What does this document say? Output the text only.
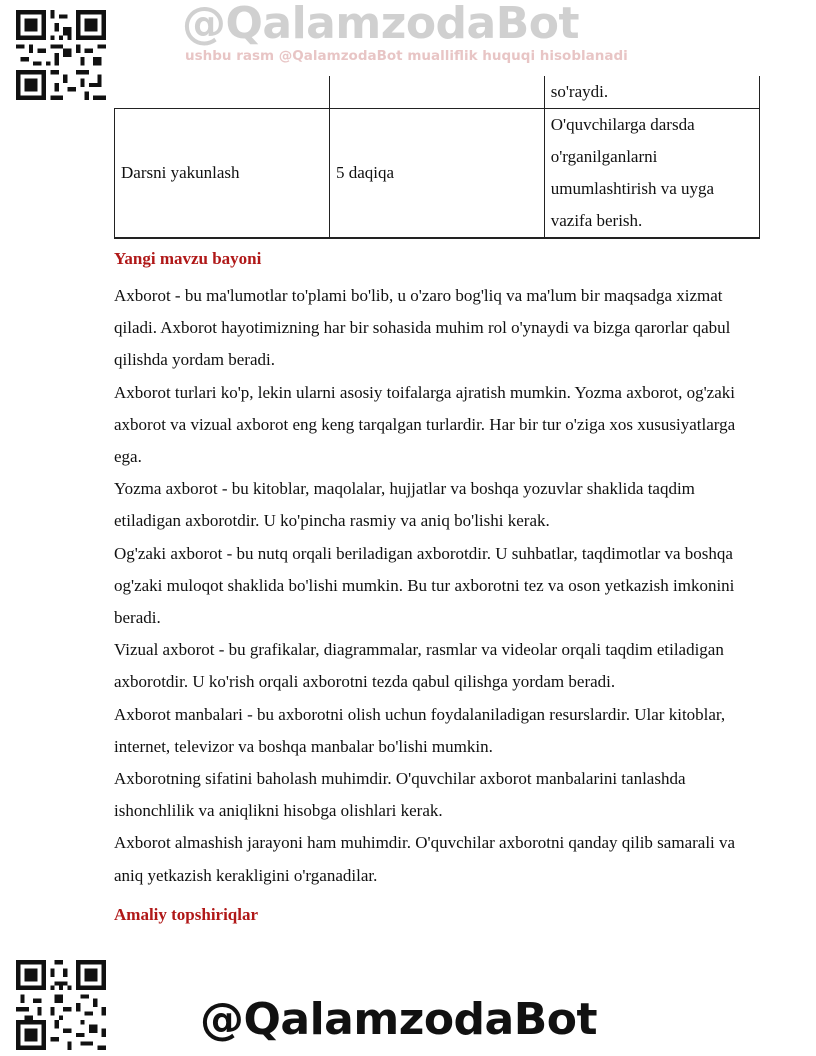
@QalamzodaBot
ushbu rasm @QalamzodaBot mualliflik huquqi hisoblanadi
		so'raydi.
Darsni yakunlash	5 daqiqa	O'quvchilarga darsda o'rganilganlarni umumlashtirish va uyga vazifa berish.
Yangi mavzu bayoni

Axborot - bu ma'lumotlar to'plami bo'lib, u o'zaro bog'liq va ma'lum bir maqsadga xizmat qiladi. Axborot hayotimizning har bir sohasida muhim rol o'ynaydi va bizga qarorlar qabul qilishda yordam beradi.

Axborot turlari ko'p, lekin ularni asosiy toifalarga ajratish mumkin. Yozma axborot, og'zaki axborot va vizual axborot eng keng tarqalgan turlardir. Har bir tur o'ziga xos xususiyatlarga ega.

Yozma axborot - bu kitoblar, maqolalar, hujjatlar va boshqa yozuvlar shaklida taqdim etiladigan axborotdir. U ko'pincha rasmiy va aniq bo'lishi kerak.

Og'zaki axborot - bu nutq orqali beriladigan axborotdir. U suhbatlar, taqdimotlar va boshqa og'zaki muloqot shaklida bo'lishi mumkin. Bu tur axborotni tez va oson yetkazish imkonini beradi.

Vizual axborot - bu grafikalar, diagrammalar, rasmlar va videolar orqali taqdim etiladigan axborotdir. U ko'rish orqali axborotni tezda qabul qilishga yordam beradi.

Axborot manbalari - bu axborotni olish uchun foydalaniladigan resurslardir. Ular kitoblar, internet, televizor va boshqa manbalar bo'lishi mumkin.

Axborotning sifatini baholash muhimdir. O'quvchilar axborot manbalarini tanlashda ishonchlilik va aniqlikni hisobga olishlari kerak.

Axborot almashish jarayoni ham muhimdir. O'quvchilar axborotni qanday qilib samarali va aniq yetkazish kerakligini o'rganadilar.

Amaliy topshiriqlar
@QalamzodaBot
